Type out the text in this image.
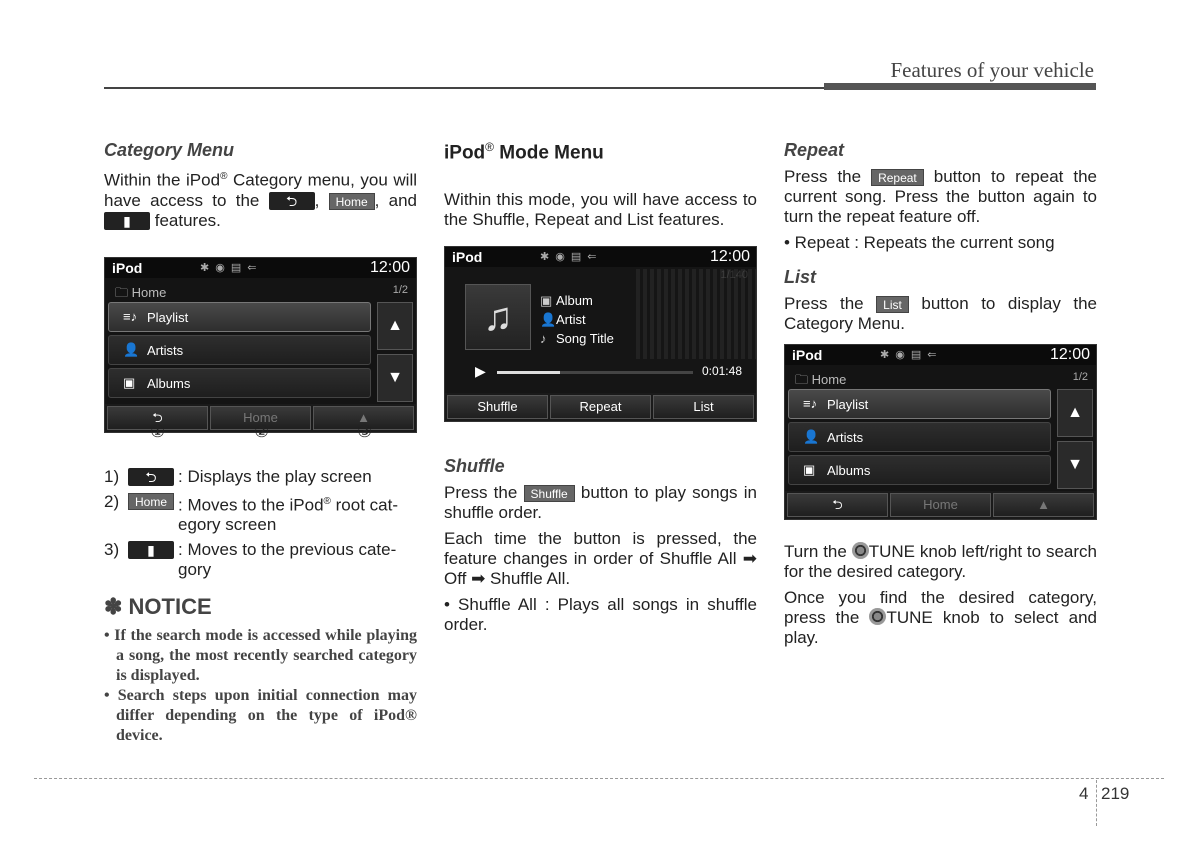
Features of your vehicle
Category Menu

Within the iPod® Category menu, you will have access to the ⮌ , Home , and ▮ features.

iPod	✱◉▤⇐	12:00
🗀 Home	1/2
≡♪ Playlist
👤 Artists
▣ Albums
▲
▼
⮌	Home	▲
①	②	③
1)	⮌	: Displays the play screen
2)	Home : Moves to the iPod® root cat-egory screen
3)	▮	: Moves to the previous cate-gory
✽ NOTICE
• If the search mode is accessed while playing a song, the most recently searched category is displayed.
• Search steps upon initial connection may differ depending on the type of iPod® device.
iPod® Mode Menu

Within this mode, you will have access to the Shuffle, Repeat and List features.

iPod	✱◉▤⇐	12:00
♫	▣ Album
👤Artist
♪ Song Title
▶	0:01:48
Shuffle	Repeat	List
Shuffle

Press the Shuffle button to play songs in shuffle order.

Each time the button is pressed, the feature changes in order of Shuffle All ➡ Off ➡ Shuffle All.

• Shuffle All : Plays all songs in shuffle order.

Repeat

Press the Repeat button to repeat the current song. Press the button again to turn the repeat feature off.

• Repeat : Repeats the current song

List

Press the List button to display the Category Menu.

iPod	✱◉▤⇐	12:00
🗀 Home	1/2
≡♪ Playlist
👤 Artists
▣ Albums
▲
▼
⮌	Home	▲

Turn the TUNE knob left/right to search for the desired category.

Once you find the desired category, press the TUNE knob to select and play.

4 219
